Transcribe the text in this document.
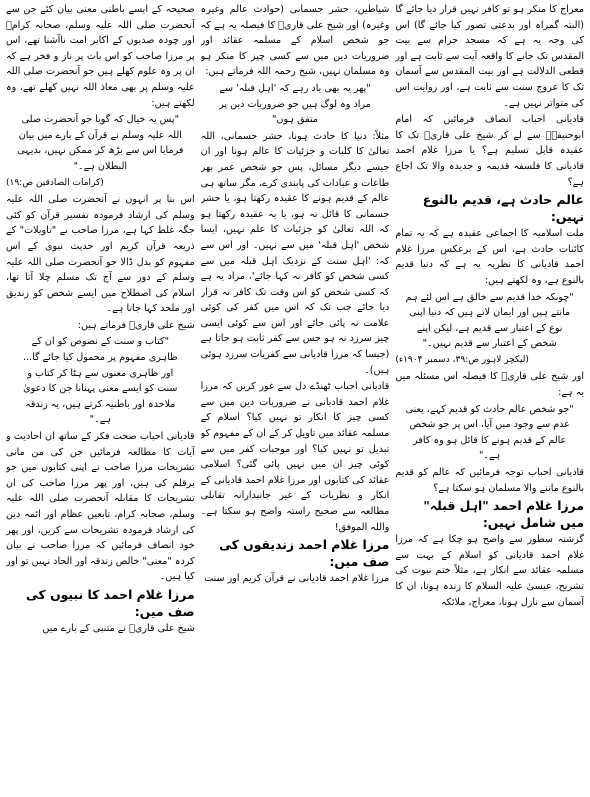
معراج کا منکر ہو تو کافر نہیں قرار دیا جائے گا (البتہ گمراہ اور بدعتی تصور کیا جائے گا) اس کی وجہ یہ ہے کہ مسجد حرام سے بیت المقدس تک جانے کا واقعہ آیت سے ثابت ہے اور قطعی الدلالت ہے اور بیت المقدس سے آسمان تک کا عروج سنت سے ثابت ہے، اور روایت اس کی متواتر نہیں ہے۔

قادیانی احباب انصاف فرمائیں کہ امام ابوحنیفہؒ سے لے کر شیخ علی قاریؒ تک کا عقیدہ قابل تسلیم ہے؟ یا مرزا غلام احمد قادیانی کا فلسفہ قدیمہ و جدیدہ والا تک اجاع ہے؟

عالم حادث ہے، قدیم بالنوع نہیں:

ملت اسلامیہ کا اجماعی عقیدہ ہے کہ یہ تمام کائنات حادث ہے، اس کے برعکس مرزا غلام احمد قادیانی کا نظریہ یہ ہے کہ دنیا قدیم بالنوع ہے، وہ لکھتے ہیں:

"چونکہ خدا قدیم سے خالق ہے اس لئے ہم مانتے ہیں اور ایمان لاتے ہیں کہ دنیا اپنی نوع کے اعتبار سے قدیم ہے، لیکن اپنے شخص کے اعتبار سے قدیم نہیں۔"

(لیکچر لاہور ص:۳۹، دسمبر ۱۹۰۴ء)

اور شیخ علی قاریؒ کا فیصلہ اس مسئلہ میں یہ ہے:

"جو شخص عالم حادث کو قدیم کہے، یعنی عدم سے وجود میں آیا، اس پر جو شخص عالم کے قدیم ہونے کا قائل ہو وہ کافر ہے۔"

قادیانی احباب توجہ فرمائیں کہ عالم کو قدیم بالنوع ماننے والا مسلمان ہو سکتا ہے؟

مرزا غلام احمد "اہل قبلہ" میں شامل نہیں:

گزشتہ سطور سے واضح ہو چکا ہے کہ مرزا غلام احمد قادیانی کو اسلام کے بہت سے مسلمہ عقائد سے انکار ہے، مثلاً ختم نبوت کی تشریح، عیسیٰ علیہ السلام کا زندہ ہونا، ان کا آسمان سے نازل ہونا، معراج، ملائکہ

شیاطین، حشر جسمانی (حوادث عالم وغیرہ وغیرہ) اور شیخ علی قاریؒ کا فیصلہ یہ ہے کہ جو شخص اسلام کے مسلمہ عقائد اور ضروریات دین میں سے کسی چیز کا منکر ہو وہ مسلمان نہیں، شیخ رحمہ اللہ فرماتے ہیں:

"پھر یہ بھی یاد رہے کہ 'اہل قبلہ' سے مراد وہ لوگ ہیں جو ضروریات دین پر متفق ہوں"

مثلاً: دنیا کا حادث ہونا، حشر جسمانی، اللہ تعالیٰ کا کلیات و جزئیات کا عالم ہونا اور ان جیسے دیگر مسائل، پس جو شخص عمر بھر طاعات و عبادات کی پابندی کرے، مگر ساتھ ہی عالم کے قدیم ہونے کا عقیدہ رکھتا ہو، یا حشر جسمانی کا قائل نہ ہو، یا یہ عقیدہ رکھتا ہو کہ اللہ تعالیٰ کو جزئیات کا علم نہیں، ایسا شخص 'اہل قبلہ' میں سے نہیں۔ اور اس سے کہ: 'اہل سنت کے نزدیک اہل قبلہ میں سے کسی شخص کو کافر نہ کہا جائے'، مراد یہ ہے کہ کسی شخص کو اس وقت تک کافر نہ قرار دیا جائے جب تک کہ اس میں کفر کی کوئی علامت نہ پائی جائے اور اس سے کوئی ایسی چیز سرزد نہ ہو جس سے کفر ثابت ہو جاتا ہے (جیسا کہ مرزا قادیانی سے کفریات سرزد ہوئی ہیں)۔

قادیانی احباب ٹھنڈے دل سے غور کریں کہ مرزا غلام احمد قادیانی نے ضروریات دین میں سے کسی چیز کا انکار تو نہیں کیا؟ اسلام کے مسلمہ عقائد میں تاویل کر کے ان کے مفہوم کو تبدیل تو نہیں کیا؟ اور موجبات کفر میں سے کوئی چیز ان میں نہیں پائی گئی؟ اسلامی عقائد کی کتابوں اور مرزا غلام احمد قادیانی کے انکار و نظریات کے غیر جانبدارانہ تقابلی مطالعہ سے صحیح راستہ واضح ہو سکتا ہے۔ واللہ الموفق!

مرزا غلام احمد زندیقوں کی صف میں:

مرزا غلام احمد قادیانی نے قرآن کریم اور سنت

صحیحہ کے ایسے باطنی معنی بیان کئے جن سے آنحضرت صلی اللہ علیہ وسلم، صحابہ کرامؓ اور چودہ صدیوں کے اکابر امت ناآشنا تھے، اس پر مرزا صاحب کو اس بات پر ناز و فخر ہے کہ ان پر وہ علوم کھلے ہیں جو آنحضرت صلی اللہ علیہ وسلم پر بھی معاذ اللہ نہیں کھلے تھے، وہ لکھتے ہیں:

"پس یہ خیال کہ گویا جو آنحضرت صلی اللہ علیہ وسلم نے قرآن کے بارے میں بیان فرمایا اس سے بڑھ کر ممکن نہیں، بدیہی البطلان ہے۔"

(کرامات الصادقین ص:۱۹)

اس بنا پر انہوں نے آنحضرت صلی اللہ علیہ وسلم کی ارشاد فرمودہ تفسیر قرآن کو کئی جگہ غلط کہا ہے، مرزا صاحب نے "تاویلات" کے ذریعہ قرآن کریم اور حدیث نبوی کے اس مفہوم کو بدل ڈالا جو آنحضرت صلی اللہ علیہ وسلم کے دور سے آج تک مسلم چلا آتا تھا، اسلام کی اصطلاح میں ایسے شخص کو زندیق اور ملحد کہا جاتا ہے۔

شیخ علی قاریؒ فرماتے ہیں:

"کتاب و سنت کے نصوص کو ان کے ظاہری مفہوم پر محمول کیا جائے گا... اور ظاہری معنوں سے ہٹا کر کتاب و سنت کو ایسے معنی پہنانا جن کا دعویٰ ملاحدہ اور باطنیہ کرتے ہیں، یہ زندقہ ہے۔"

قادیانی احباب صحت فکر کے ساتھ ان احادیث و آیات کا مطالعہ فرمائیں جن کی من مانی تشریحات مرزا صاحب نے اپنی کتابوں میں جو برقلم کی ہیں، اور پھر مرزا صاحب کی ان تشریحات کا مقابلہ آنحضرت صلی اللہ علیہ وسلم، صحابہ کرام، تابعین عظام اور ائمہ دین کی ارشاد فرمودہ تشریحات سے کریں، اور پھر خود انصاف فرمائیں کہ مرزا صاحب نے بیان کردہ "معنی" خالص زندقہ اور الحاد نہیں تو اور کیا ہیں۔

مرزا غلام احمد کا نبیوں کی صف میں:

شیخ علی قاریؒ نے متنبی کے بارے میں
